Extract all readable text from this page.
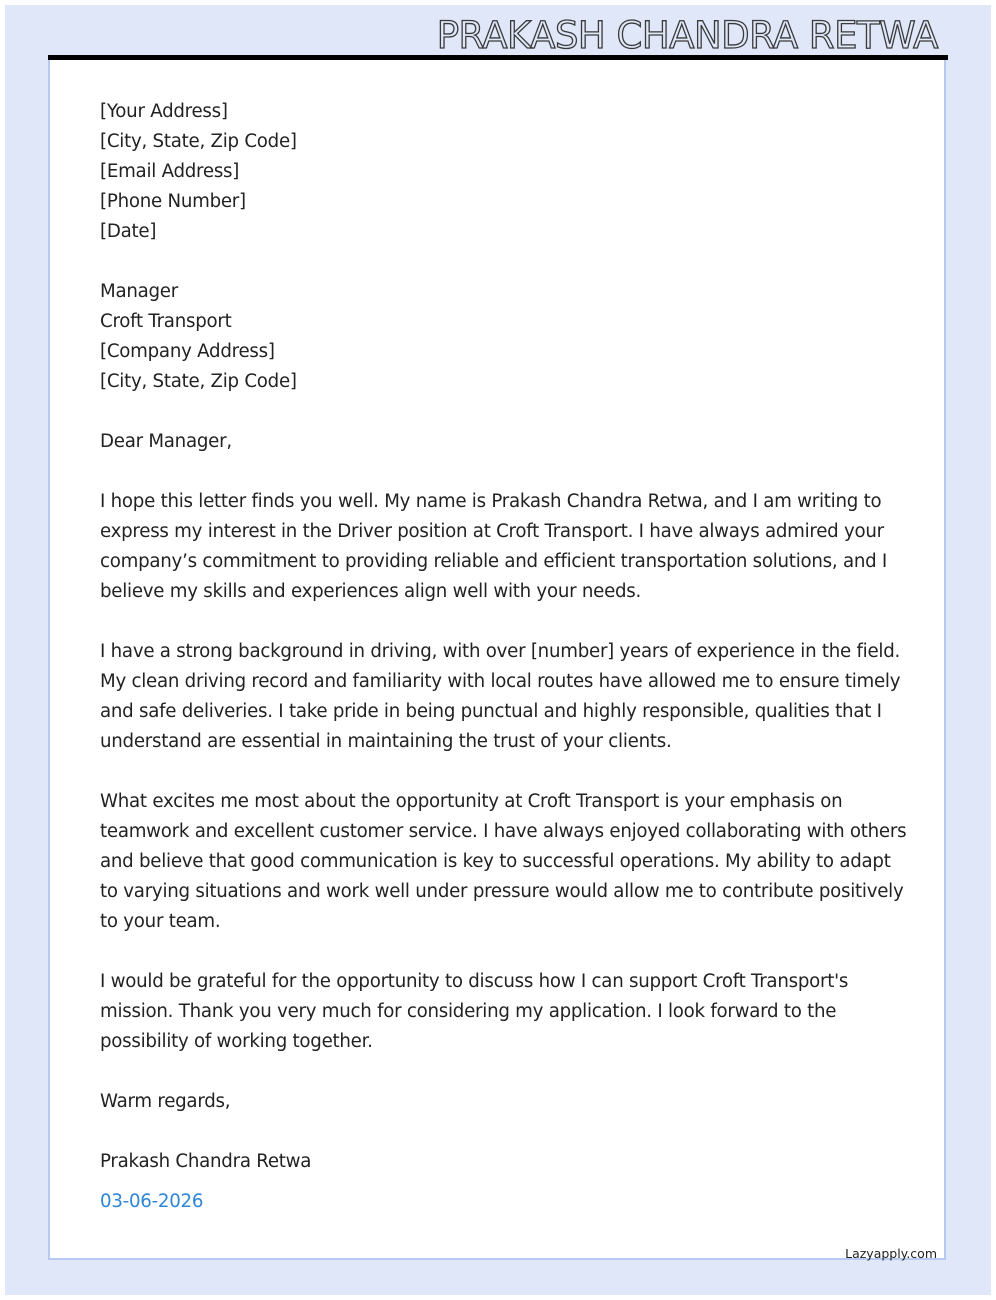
PRAKASH CHANDRA RETWA
[Your Address]
[City, State, Zip Code]
[Email Address]
[Phone Number]
[Date]
Manager
Croft Transport
[Company Address]
[City, State, Zip Code]
Dear Manager,

I hope this letter finds you well. My name is Prakash Chandra Retwa, and I am writing to express my interest in the Driver position at Croft Transport. I have always admired your company’s commitment to providing reliable and efficient transportation solutions, and I believe my skills and experiences align well with your needs.

I have a strong background in driving, with over [number] years of experience in the field. My clean driving record and familiarity with local routes have allowed me to ensure timely and safe deliveries. I take pride in being punctual and highly responsible, qualities that I understand are essential in maintaining the trust of your clients.

What excites me most about the opportunity at Croft Transport is your emphasis on teamwork and excellent customer service. I have always enjoyed collaborating with others and believe that good communication is key to successful operations. My ability to adapt to varying situations and work well under pressure would allow me to contribute positively to your team.

I would be grateful for the opportunity to discuss how I can support Croft Transport's mission. Thank you very much for considering my application. I look forward to the possibility of working together.

Warm regards,
Prakash Chandra Retwa
03-06-2026
Lazyapply.com
